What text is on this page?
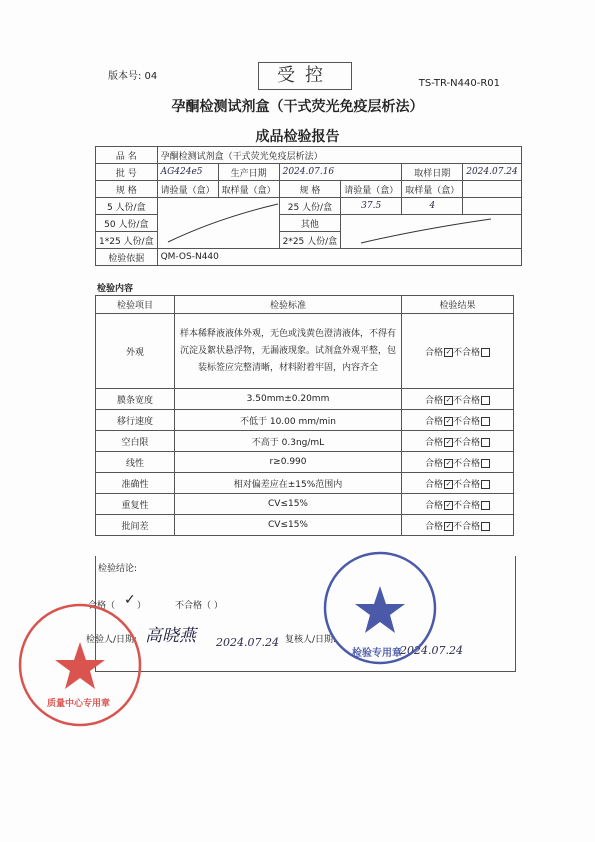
版本号: 04	受控	TS-TR-N440-R01
孕酮检测试剂盒（干式荧光免疫层析法）
成品检验报告
品 名	孕酮检测试剂盒（干式荧光免疫层析法）					
批 号	AG424e5	生产日期	2024.07.16		取样日期	2024.07.24
规 格	请验量（盒）	取样量（盒）	规 格	请验量（盒）	取样量（盒）	
5 人份/盒			25 人份/盒	37.5	4	
50 人份/盒			其他	

1*25 人份/盒			2*25 人份/盒			
检验依据	QM-OS-N440					
检验内容
检验项目	检验标准	检验结果
外观	样本稀释液液体外观，无色或浅黄色澄清液体，不得有沉淀及絮状悬浮物，无漏液现象。试剂盒外观平整，包装标签应完整清晰，材料附着牢固，内容齐全	合格 ✓ 不合格
膜条宽度	3.50mm±0.20mm	合格 ✓ 不合格
移行速度	不低于 10.00 mm/min	合格 ✓ 不合格
空白限	不高于 0.3ng/mL	合格 ✓ 不合格
线性	r≥0.990	合格 ✓ 不合格
准确性	相对偏差应在±15%范围内	合格 ✓ 不合格
重复性	CV≤15%	合格 ✓ 不合格
批间差	CV≤15%	合格 ✓ 不合格
检验结论:
合格（ ）
✓	不合格（ ）
检验人/日期: 高晓燕 2024.07.24 复核人/日期:
2024.07.24
检验专用章
质量中心专用章
